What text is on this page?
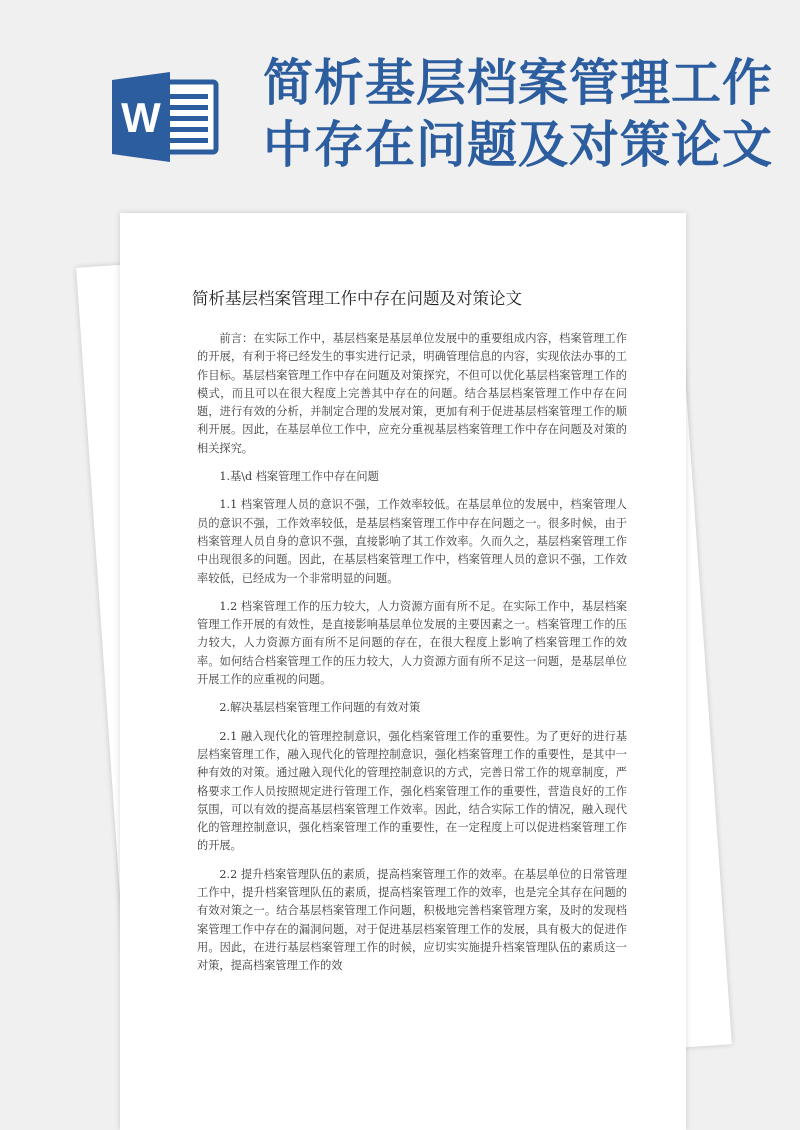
W
简析基层档案管理工作
中存在问题及对策论文
简析基层档案管理工作中存在问题及对策论文

前言：在实际工作中，基层档案是基层单位发展中的重要组成内容，档案管理工作的开展，有利于将已经发生的事实进行记录，明确管理信息的内容，实现依法办事的工作目标。基层档案管理工作中存在问题及对策探究，不但可以优化基层档案管理工作的模式，而且可以在很大程度上完善其中存在的问题。结合基层档案管理工作中存在问题，进行有效的分析，并制定合理的发展对策，更加有利于促进基层档案管理工作的顺利开展。因此，在基层单位工作中，应充分重视基层档案管理工作中存在问题及对策的相关探究。

1.基\d 档案管理工作中存在问题

1.1 档案管理人员的意识不强，工作效率较低。在基层单位的发展中，档案管理人员的意识不强，工作效率较低，是基层档案管理工作中存在问题之一。很多时候，由于档案管理人员自身的意识不强，直接影响了其工作效率。久而久之，基层档案管理工作中出现很多的问题。因此，在基层档案管理工作中，档案管理人员的意识不强，工作效率较低，已经成为一个非常明显的问题。

1.2 档案管理工作的压力较大，人力资源方面有所不足。在实际工作中，基层档案管理工作开展的有效性，是直接影响基层单位发展的主要因素之一。档案管理工作的压力较大，人力资源方面有所不足问题的存在，在很大程度上影响了档案管理工作的效率。如何结合档案管理工作的压力较大，人力资源方面有所不足这一问题，是基层单位开展工作的应重视的问题。

2.解决基层档案管理工作问题的有效对策

2.1 融入现代化的管理控制意识，强化档案管理工作的重要性。为了更好的进行基层档案管理工作，融入现代化的管理控制意识，强化档案管理工作的重要性，是其中一种有效的对策。通过融入现代化的管理控制意识的方式，完善日常工作的规章制度，严格要求工作人员按照规定进行管理工作，强化档案管理工作的重要性，营造良好的工作氛围，可以有效的提高基层档案管理工作效率。因此，结合实际工作的情况，融入现代化的管理控制意识，强化档案管理工作的重要性，在一定程度上可以促进档案管理工作的开展。

2.2 提升档案管理队伍的素质，提高档案管理工作的效率。在基层单位的日常管理工作中，提升档案管理队伍的素质，提高档案管理工作的效率，也是完全其存在问题的有效对策之一。结合基层档案管理工作问题，积极地完善档案管理方案，及时的发现档案管理工作中存在的漏洞问题，对于促进基层档案管理工作的发展，具有极大的促进作用。因此，在进行基层档案管理工作的时候，应切实实施提升档案管理队伍的素质这一对策，提高档案管理工作的效
